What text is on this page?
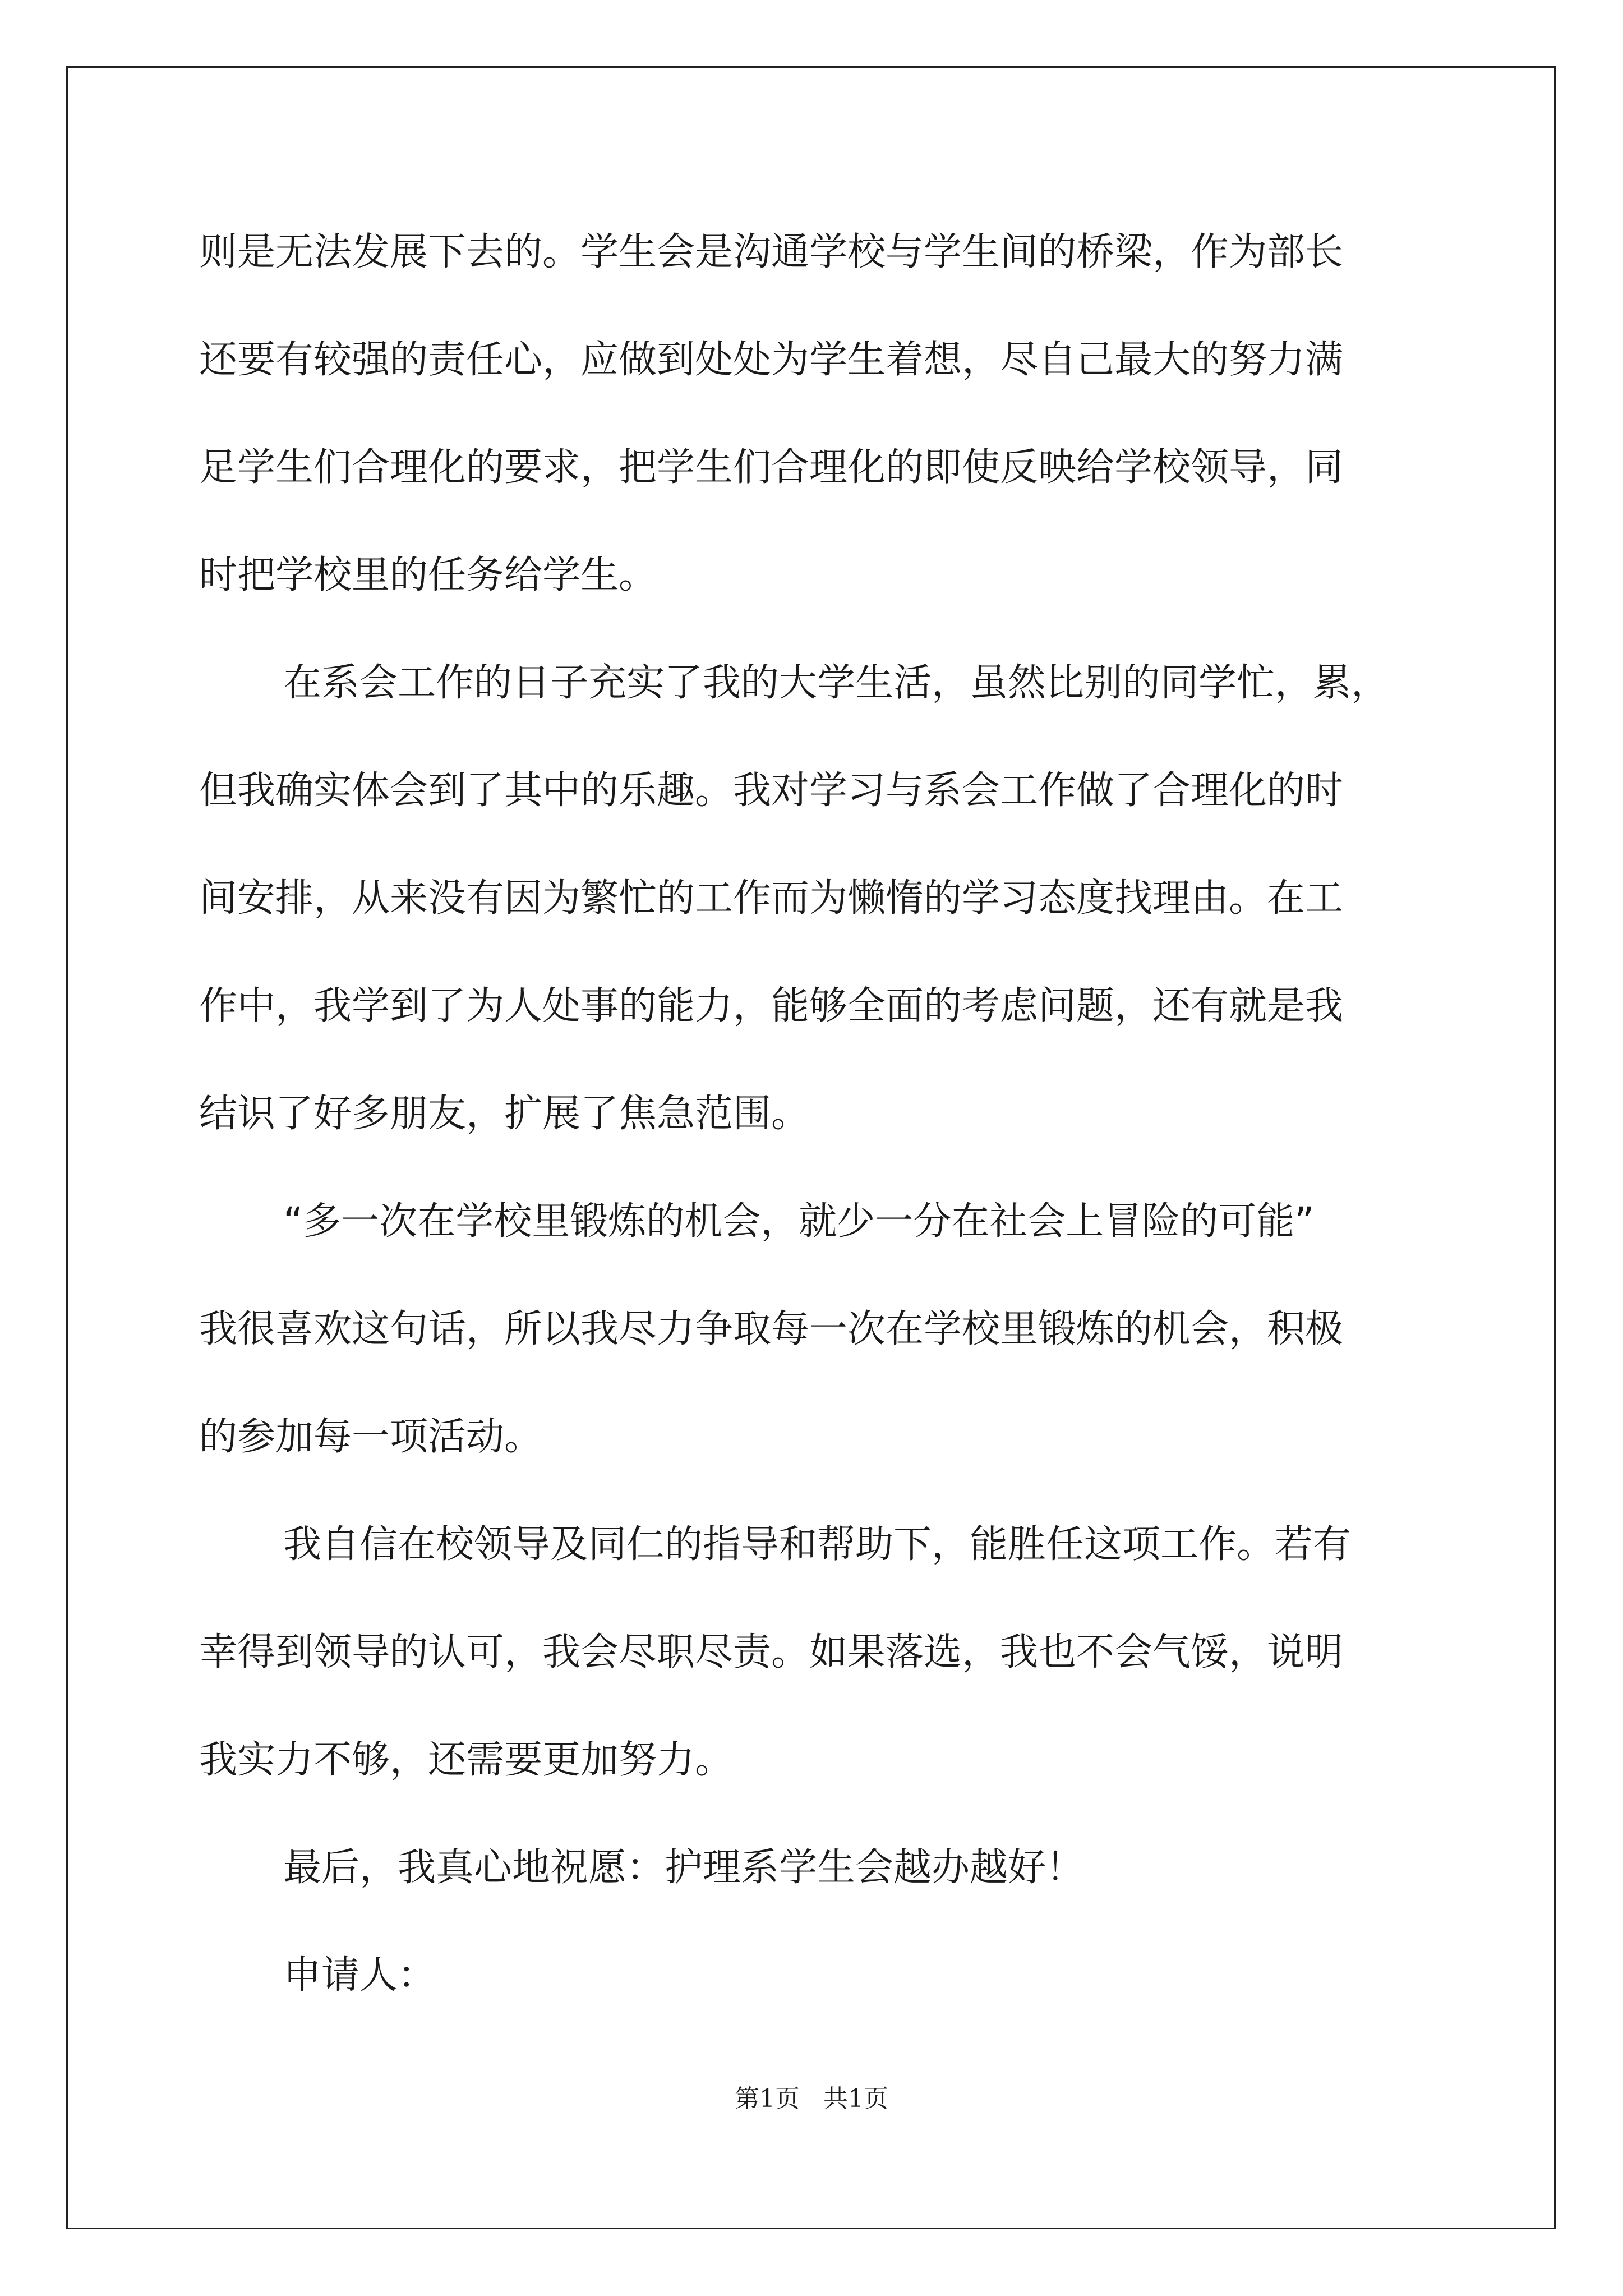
则是无法发展下去的。学生会是沟通学校与学生间的桥梁，作为部长
还要有较强的责任心，应做到处处为学生着想，尽自己最大的努力满
足学生们合理化的要求，把学生们合理化的即使反映给学校领导，同
时把学校里的任务给学生。
在系会工作的日子充实了我的大学生活，虽然比别的同学忙，累，
但我确实体会到了其中的乐趣。我对学习与系会工作做了合理化的时
间安排，从来没有因为繁忙的工作而为懒惰的学习态度找理由。在工
作中，我学到了为人处事的能力，能够全面的考虑问题，还有就是我
结识了好多朋友，扩展了焦急范围。
“多一次在学校里锻炼的机会，就少一分在社会上冒险的可能”
我很喜欢这句话，所以我尽力争取每一次在学校里锻炼的机会，积极
的参加每一项活动。
我自信在校领导及同仁的指导和帮助下，能胜任这项工作。若有
幸得到领导的认可，我会尽职尽责。如果落选，我也不会气馁，说明
我实力不够，还需要更加努力。
最后，我真心地祝愿：护理系学生会越办越好！
申请人：
第1页 共1页
